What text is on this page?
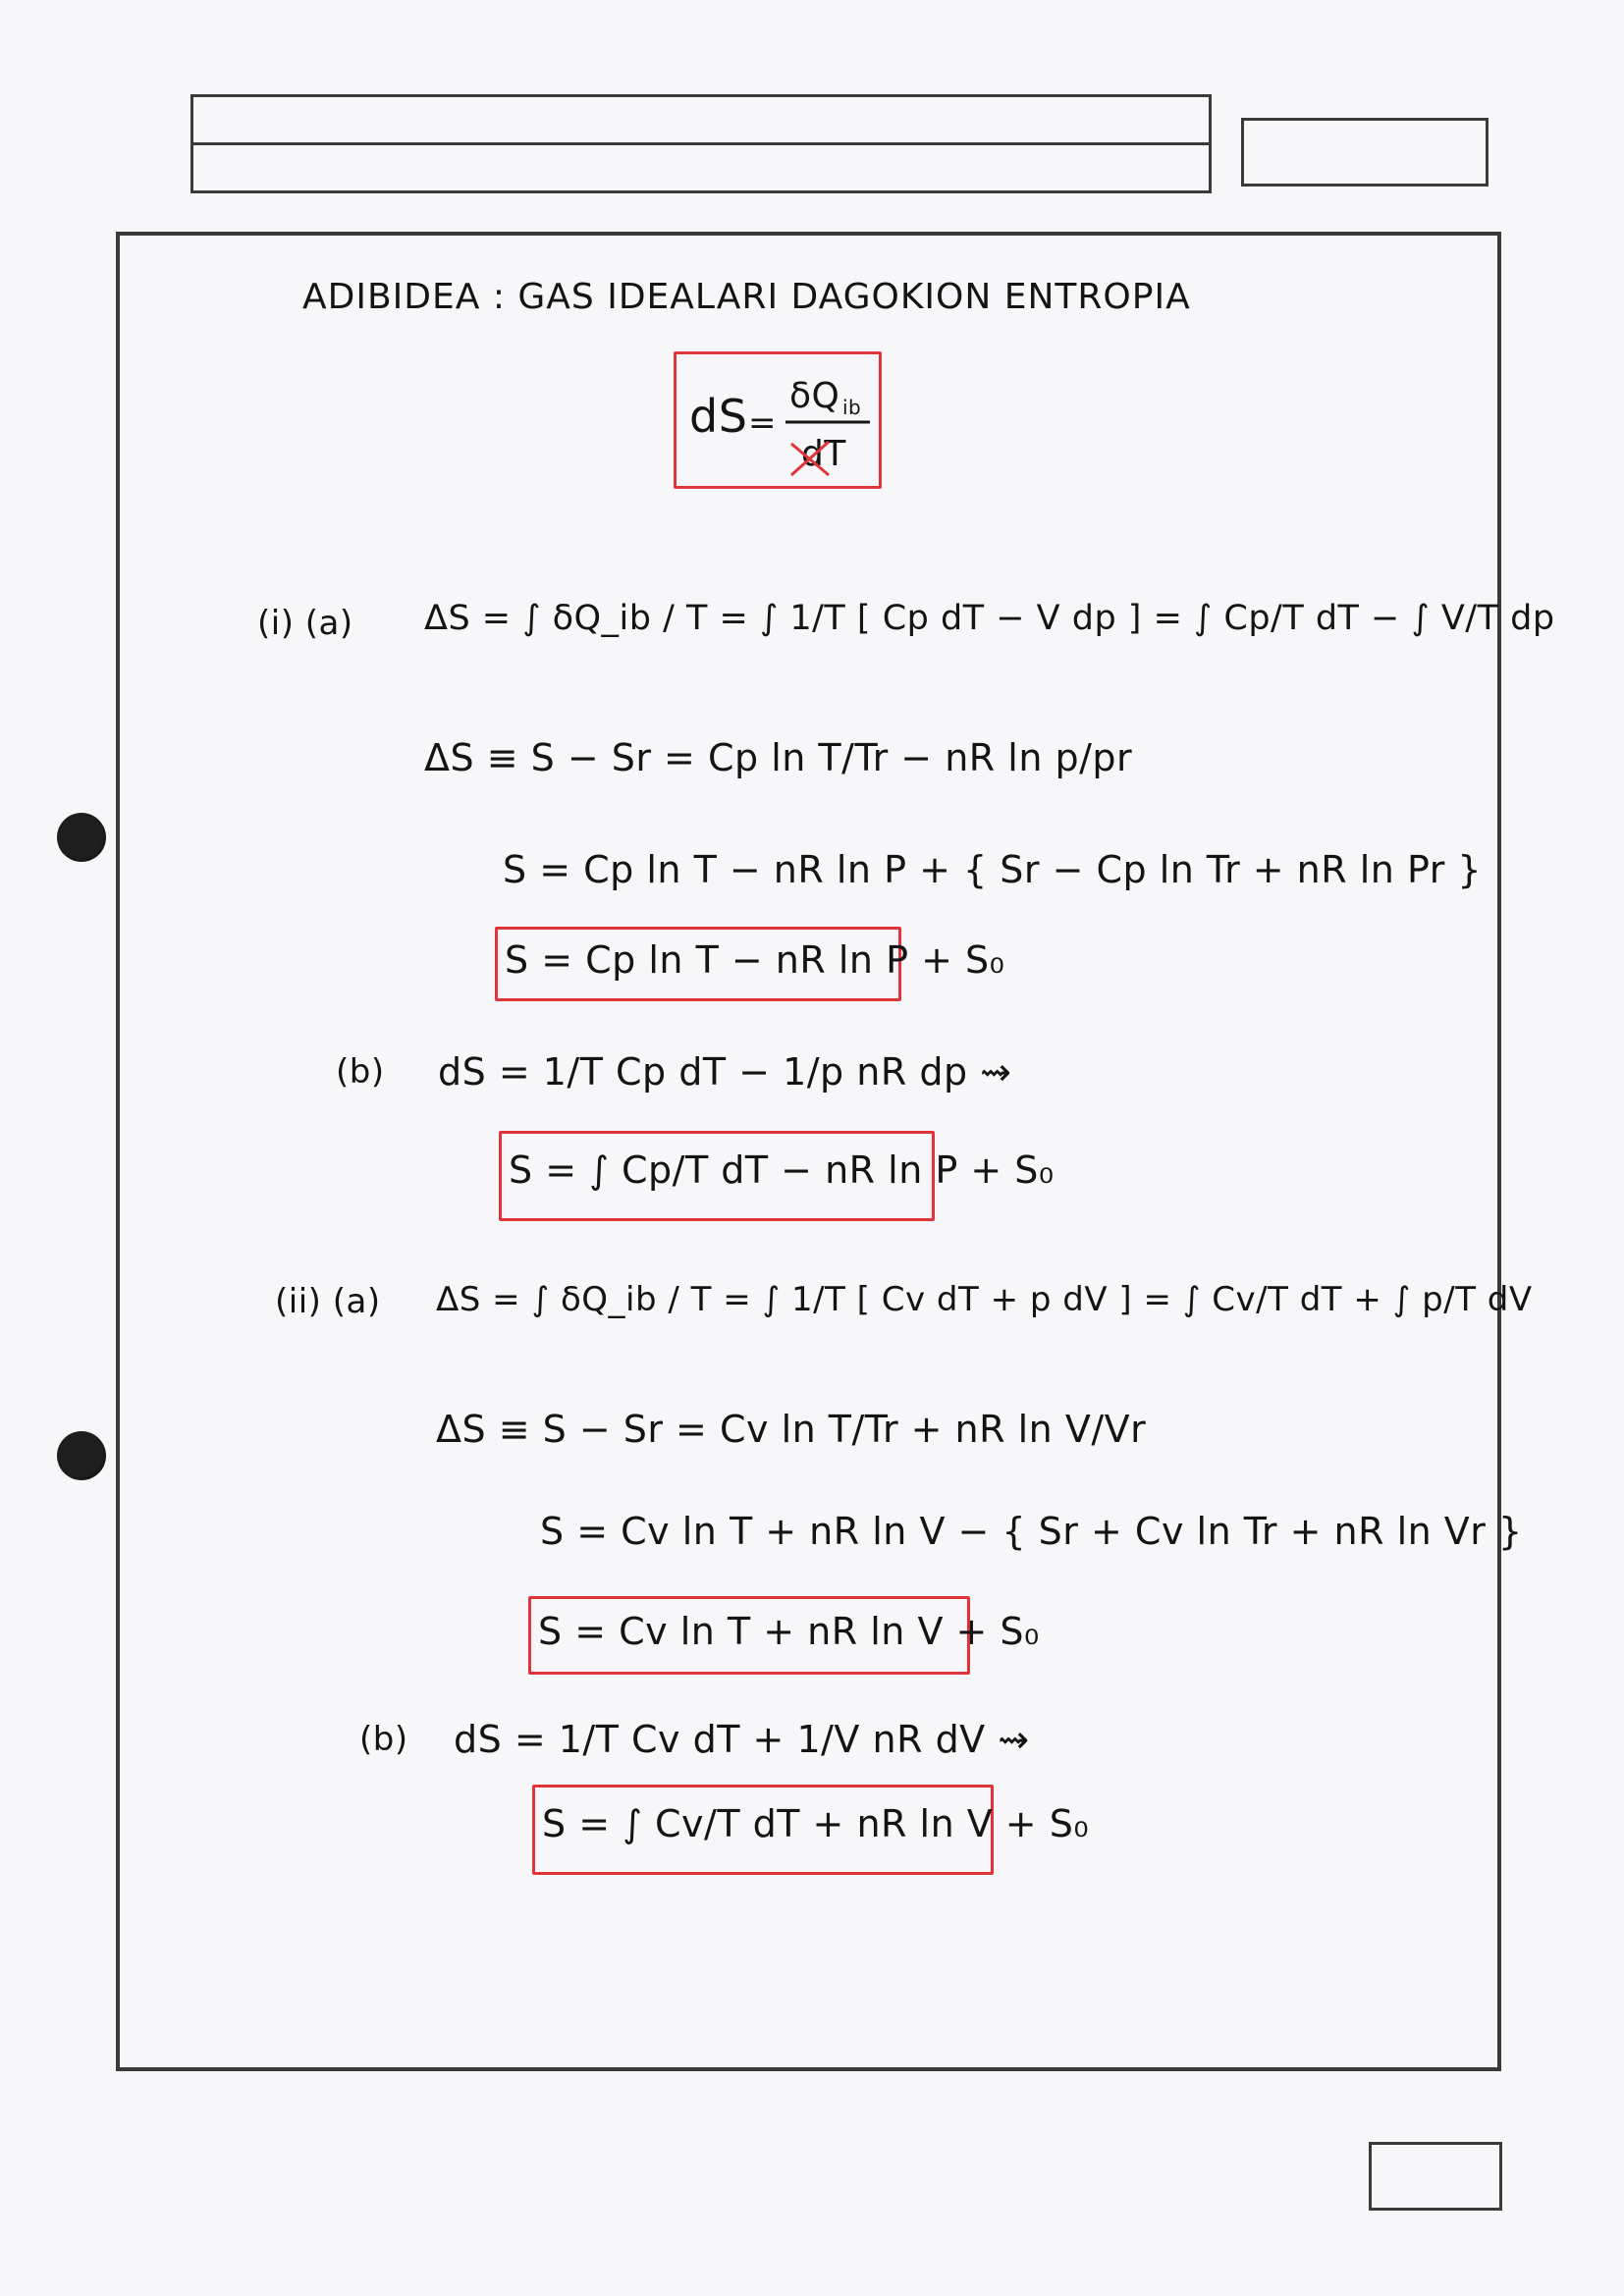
ADIBIDEA : GAS IDEALARI DAGOKION ENTROPIA
dS =
δQ ib
dT
(i) (a) ΔS = ∫ δQ_ib / T = ∫ 1/T [ Cp dT − V dp ] = ∫ Cp/T dT − ∫ V/T dp
ΔS ≡ S − Sr = Cp ln T/Tr − nR ln p/pr
S = Cp ln T − nR ln P + { Sr − Cp ln Tr + nR ln Pr }
S = Cp ln T − nR ln P + S₀
(b) dS = 1/T Cp dT − 1/p nR dp ⇝
S = ∫ Cp/T dT − nR ln P + S₀
(ii) (a) ΔS = ∫ δQ_ib / T = ∫ 1/T [ Cv dT + p dV ] = ∫ Cv/T dT + ∫ p/T dV
ΔS ≡ S − Sr = Cv ln T/Tr + nR ln V/Vr
S = Cv ln T + nR ln V − { Sr + Cv ln Tr + nR ln Vr }
S = Cv ln T + nR ln V + S₀
(b) dS = 1/T Cv dT + 1/V nR dV ⇝
S = ∫ Cv/T dT + nR ln V + S₀
